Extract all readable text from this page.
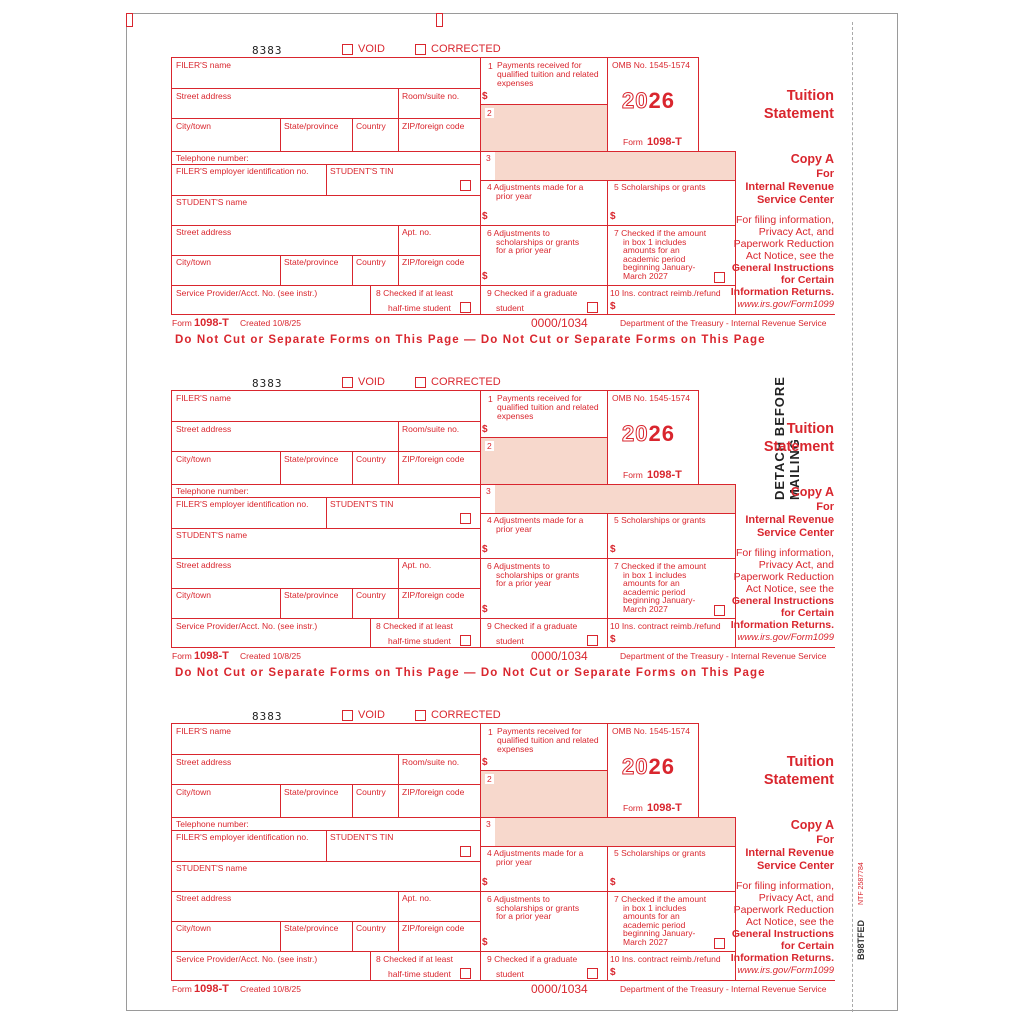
DETACH BEFORE MAILING
NTF 2587784
B98TFED
8383	VOID	CORRECTED
FILER'S name
Street address	Room/suite no.
City/town	State/province Country ZIP/foreign code
Telephone number:
FILER'S employer identification no.	STUDENT'S TIN
STUDENT'S name
Street address	Apt. no.
City/town	State/province Country ZIP/foreign code
Service Provider/Acct. No. (see instr.)	8 Checked if at least
half-time student
1 Payments received for
qualified tuition and related
expenses
$
2
3
OMB No. 1545-1574
2026
Form 1098-T
Tuition
Statement
4 Adjustments made for a
prior year
$
5 Scholarships or grants
$
6 Adjustments to
scholarships or grants
for a prior year
$
7 Checked if the amount
in box 1 includes
amounts for an
academic period
beginning January-
March 2027
9 Checked if a graduate
student
10 Ins. contract reimb./refund
$
Copy A
For
Internal Revenue
Service Center
For filing information,
Privacy Act, and
Paperwork Reduction
Act Notice, see the
General Instructions
for Certain
Information Returns.
www.irs.gov/Form1099
Form 1098-T Created 10/8/25	0000/1034	Department of the Treasury - Internal Revenue Service
8383	VOID	CORRECTED
FILER'S name
Street address	Room/suite no.
City/town	State/province Country ZIP/foreign code
Telephone number:
FILER'S employer identification no.	STUDENT'S TIN
STUDENT'S name
Street address	Apt. no.
City/town	State/province Country ZIP/foreign code
Service Provider/Acct. No. (see instr.)	8 Checked if at least
half-time student
1 Payments received for
qualified tuition and related
expenses
$
2
3
OMB No. 1545-1574
2026
Form 1098-T
Tuition
Statement
4 Adjustments made for a
prior year
$
5 Scholarships or grants
$
6 Adjustments to
scholarships or grants
for a prior year
$
7 Checked if the amount
in box 1 includes
amounts for an
academic period
beginning January-
March 2027
9 Checked if a graduate
student
10 Ins. contract reimb./refund
$
Copy A
For
Internal Revenue
Service Center
For filing information,
Privacy Act, and
Paperwork Reduction
Act Notice, see the
General Instructions
for Certain
Information Returns.
www.irs.gov/Form1099
Form 1098-T Created 10/8/25	0000/1034	Department of the Treasury - Internal Revenue Service
8383	VOID	CORRECTED
FILER'S name
Street address	Room/suite no.
City/town	State/province Country ZIP/foreign code
Telephone number:
FILER'S employer identification no.	STUDENT'S TIN
STUDENT'S name
Street address	Apt. no.
City/town	State/province Country ZIP/foreign code
Service Provider/Acct. No. (see instr.)	8 Checked if at least
half-time student
1 Payments received for
qualified tuition and related
expenses
$
2
3
OMB No. 1545-1574
2026
Form 1098-T
Tuition
Statement
4 Adjustments made for a
prior year
$
5 Scholarships or grants
$
6 Adjustments to
scholarships or grants
for a prior year
$
7 Checked if the amount
in box 1 includes
amounts for an
academic period
beginning January-
March 2027
9 Checked if a graduate
student
10 Ins. contract reimb./refund
$
Copy A
For
Internal Revenue
Service Center
For filing information,
Privacy Act, and
Paperwork Reduction
Act Notice, see the
General Instructions
for Certain
Information Returns.
www.irs.gov/Form1099
Form 1098-T Created 10/8/25	0000/1034	Department of the Treasury - Internal Revenue Service
Do Not Cut or Separate Forms on This Page — Do Not Cut or Separate Forms on This Page
Do Not Cut or Separate Forms on This Page — Do Not Cut or Separate Forms on This Page
